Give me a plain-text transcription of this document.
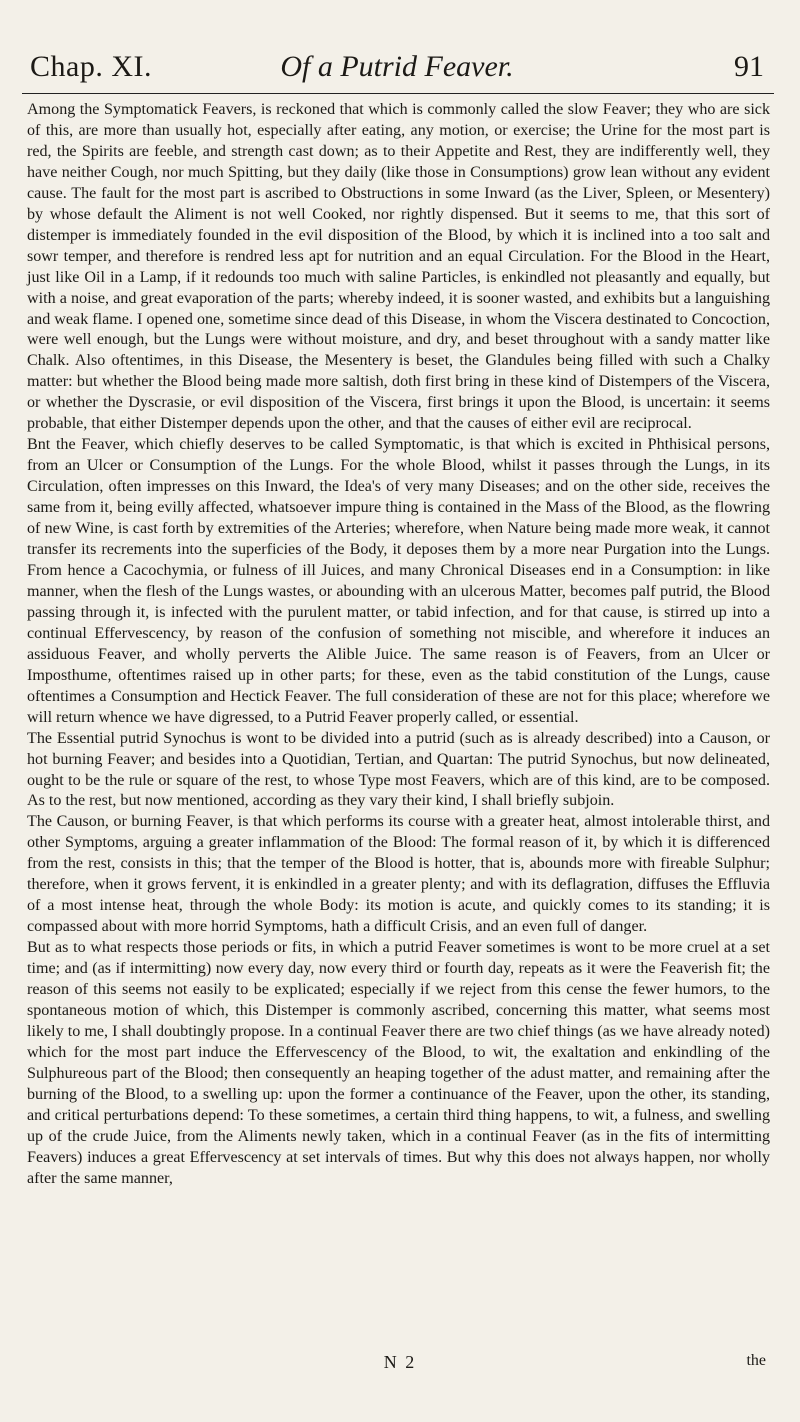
Chap. XI.	Of a Putrid Feaver.	91

Among the Symptomatick Feavers, is reckoned that which is commonly called the slow Feaver; they who are sick of this, are more than usually hot, especially after eating, any motion, or exercise; the Urine for the most part is red, the Spirits are feeble, and strength cast down; as to their Appetite and Rest, they are indifferently well, they have neither Cough, nor much Spitting, but they daily (like those in Consumptions) grow lean without any evident cause. The fault for the most part is ascribed to Obstructions in some Inward (as the Liver, Spleen, or Mesentery) by whose default the Aliment is not well Cooked, nor rightly dispensed. But it seems to me, that this sort of distemper is immediately founded in the evil disposition of the Blood, by which it is inclined into a too salt and sowr temper, and therefore is rendred less apt for nutrition and an equal Circulation. For the Blood in the Heart, just like Oil in a Lamp, if it redounds too much with saline Particles, is enkindled not pleasantly and equally, but with a noise, and great evaporation of the parts; whereby indeed, it is sooner wasted, and exhibits but a languishing and weak flame. I opened one, sometime since dead of this Disease, in whom the Viscera destinated to Concoction, were well enough, but the Lungs were without moisture, and dry, and beset throughout with a sandy matter like Chalk. Also oftentimes, in this Disease, the Mesentery is beset, the Glandules being filled with such a Chalky matter: but whether the Blood being made more saltish, doth first bring in these kind of Distempers of the Viscera, or whether the Dyscrasie, or evil disposition of the Viscera, first brings it upon the Blood, is uncertain: it seems probable, that either Distemper depends upon the other, and that the causes of either evil are reciprocal.

Bnt the Feaver, which chiefly deserves to be called Symptomatic, is that which is excited in Phthisical persons, from an Ulcer or Consumption of the Lungs. For the whole Blood, whilst it passes through the Lungs, in its Circulation, often impresses on this Inward, the Idea's of very many Diseases; and on the other side, receives the same from it, being evilly affected, whatsoever impure thing is contained in the Mass of the Blood, as the flowring of new Wine, is cast forth by extremities of the Arteries; wherefore, when Nature being made more weak, it cannot transfer its recrements into the superficies of the Body, it deposes them by a more near Purgation into the Lungs. From hence a Cacochymia, or fulness of ill Juices, and many Chronical Diseases end in a Consumption: in like manner, when the flesh of the Lungs wastes, or abounding with an ulcerous Matter, becomes palf putrid, the Blood passing through it, is infected with the purulent matter, or tabid infection, and for that cause, is stirred up into a continual Effervescency, by reason of the confusion of something not miscible, and wherefore it induces an assiduous Feaver, and wholly perverts the Alible Juice. The same reason is of Feavers, from an Ulcer or Imposthume, oftentimes raised up in other parts; for these, even as the tabid constitution of the Lungs, cause oftentimes a Consumption and Hectick Feaver. The full consideration of these are not for this place; wherefore we will return whence we have digressed, to a Putrid Feaver properly called, or essential.

The Essential putrid Synochus is wont to be divided into a putrid (such as is already described) into a Causon, or hot burning Feaver; and besides into a Quotidian, Tertian, and Quartan: The putrid Synochus, but now delineated, ought to be the rule or square of the rest, to whose Type most Feavers, which are of this kind, are to be composed. As to the rest, but now mentioned, according as they vary their kind, I shall briefly subjoin.

The Causon, or burning Feaver, is that which performs its course with a greater heat, almost intolerable thirst, and other Symptoms, arguing a greater inflammation of the Blood: The formal reason of it, by which it is differenced from the rest, consists in this; that the temper of the Blood is hotter, that is, abounds more with fireable Sulphur; therefore, when it grows fervent, it is enkindled in a greater plenty; and with its deflagration, diffuses the Effluvia of a most intense heat, through the whole Body: its motion is acute, and quickly comes to its standing; it is compassed about with more horrid Symptoms, hath a difficult Crisis, and an even full of danger.

But as to what respects those periods or fits, in which a putrid Feaver sometimes is wont to be more cruel at a set time; and (as if intermitting) now every day, now every third or fourth day, repeats as it were the Feaverish fit; the reason of this seems not easily to be explicated; especially if we reject from this cense the fewer humors, to the spontaneous motion of which, this Distemper is commonly ascribed, concerning this matter, what seems most likely to me, I shall doubtingly propose. In a continual Feaver there are two chief things (as we have already noted) which for the most part induce the Effervescency of the Blood, to wit, the exaltation and enkindling of the Sulphureous part of the Blood; then consequently an heaping together of the adust matter, and remaining after the burning of the Blood, to a swelling up: upon the former a continuance of the Feaver, upon the other, its standing, and critical perturbations depend: To these sometimes, a certain third thing happens, to wit, a fulness, and swelling up of the crude Juice, from the Aliments newly taken, which in a continual Feaver (as in the fits of intermitting Feavers) induces a great Effervescency at set intervals of times. But why this does not always happen, nor wholly after the same manner,

N 2	the
